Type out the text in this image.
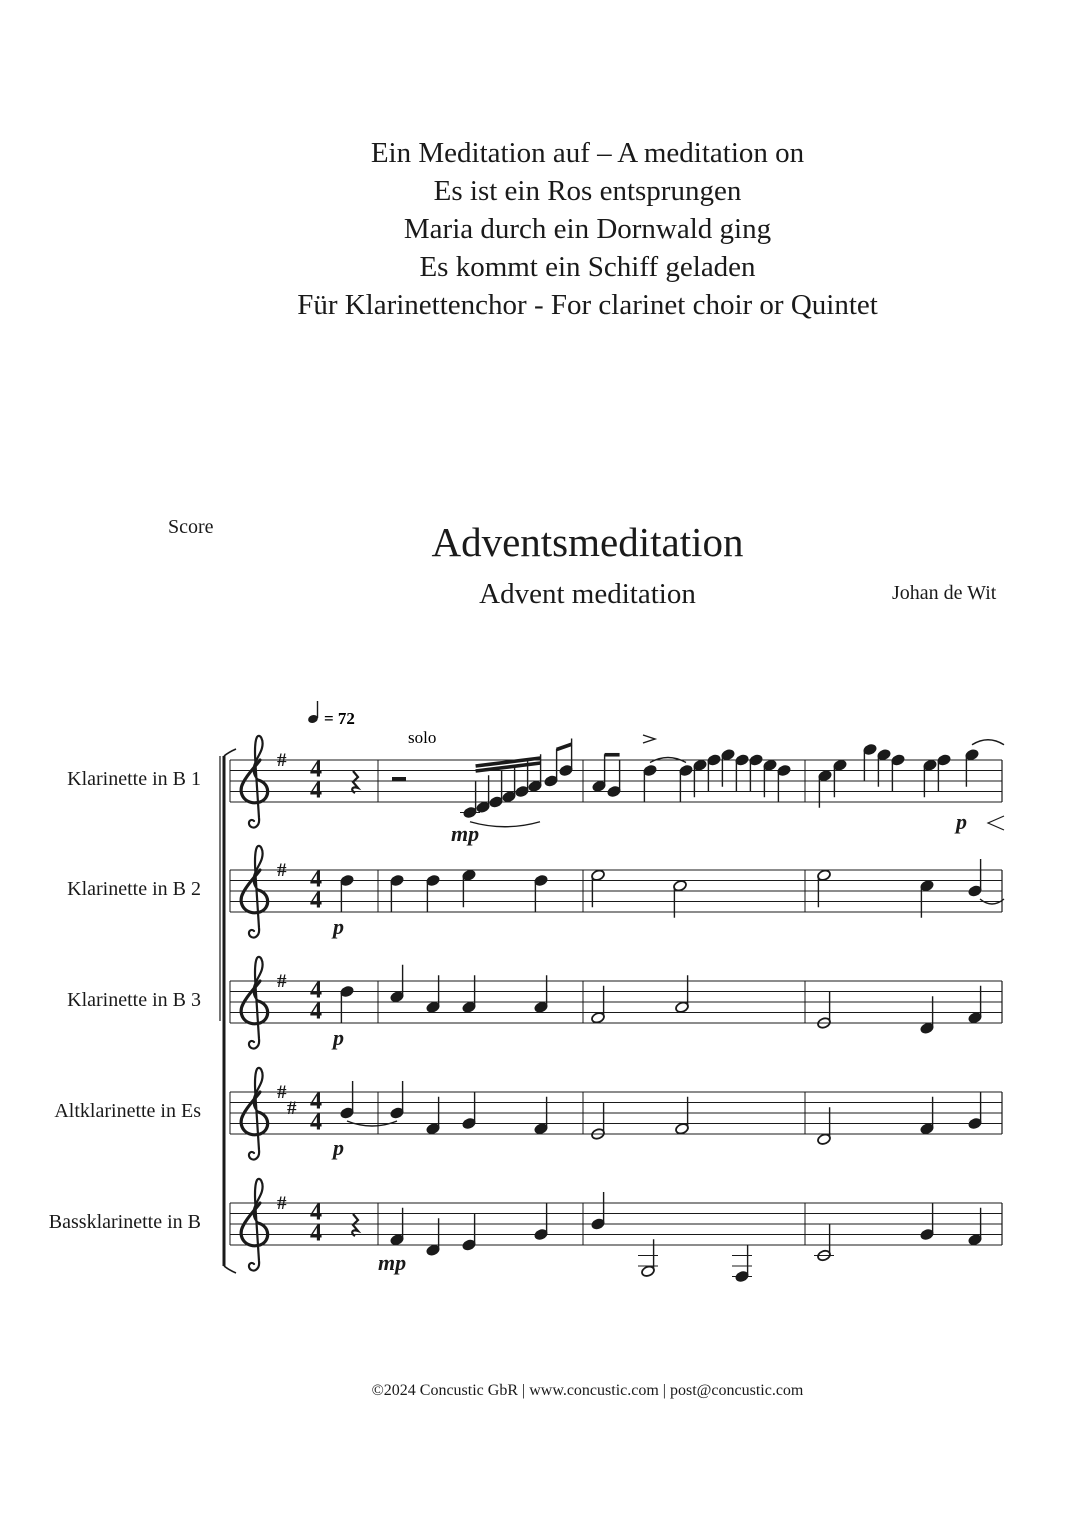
Ein Meditation auf – A meditation on
Es ist ein Ros entsprungen
Maria durch ein Dornwald ging
Es kommt ein Schiff geladen
Für Klarinettenchor - For clarinet choir or Quintet
Score	Adventsmeditation
Advent meditation	Johan de Wit
Klarinette in B 1
Klarinette in B 2
Klarinette in B 3
Altklarinette in Es
Bassklarinette in B
= 72
solo
# 4
4
# 4
4
# 4
4
#
# 4
4
# 4
4
mp	p
p
p
p
mp
©2024 Concustic GbR | www.concustic.com | post@concustic.com
